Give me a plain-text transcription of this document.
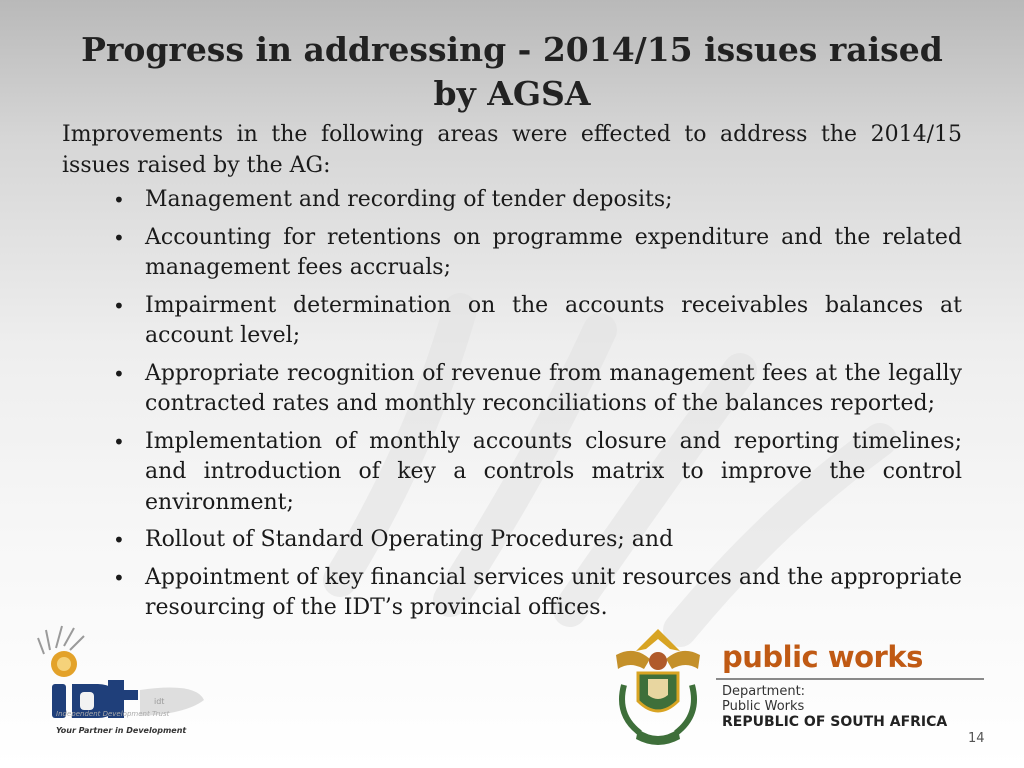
Progress in addressing - 2014/15 issues raised by AGSA

Improvements in the following areas were effected to address the 2014/15 issues raised by the AG:

• Management and recording of tender deposits;
• Accounting for retentions on programme expenditure and the related management fees accruals;
• Impairment determination on the accounts receivables balances at account level;
• Appropriate recognition of revenue from management fees at the legally contracted rates and monthly reconciliations of the balances reported;
• Implementation of monthly accounts closure and reporting timelines; and introduction of key a controls matrix to improve the control environment;
• Rollout of Standard Operating Procedures; and
• Appointment of key financial services unit resources and the appropriate resourcing of the IDT’s provincial offices.
idt
Independent Development Trust
Your Partner in Development
public works
Department:
Public Works
REPUBLIC OF SOUTH AFRICA
14
